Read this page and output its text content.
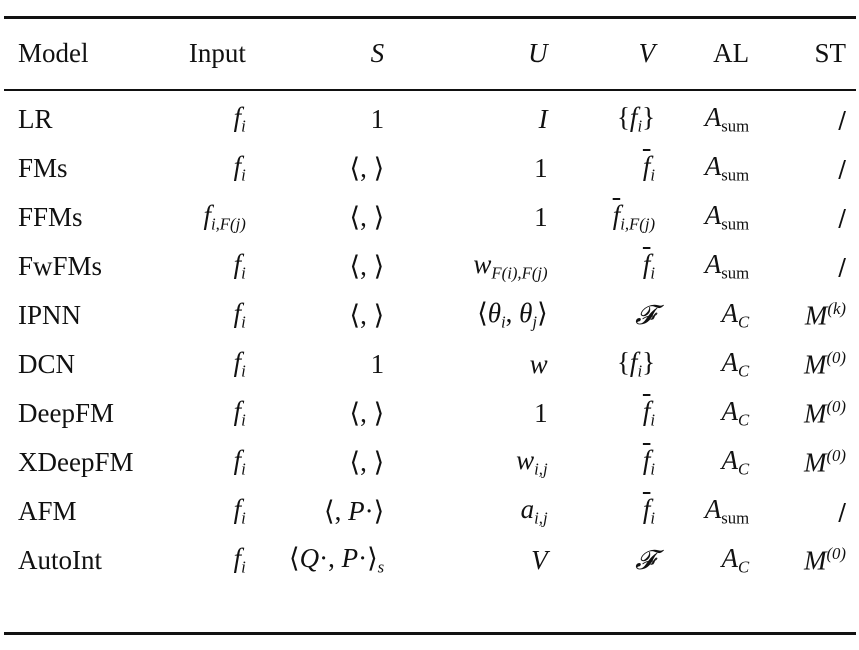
Model	Input	S	U	V	AL	ST
LR	$f_i$	1	I	$\{f_i\}$	$A_{sum}$	/
FMs	$f_i$	⟨, ⟩	1	$\overline{f}_i$	$A_{sum}$	/
FFMs	$f_{i,F(j)}$	⟨, ⟩	1	$\overline{f}_{i,F(j)}$	$A_{sum}$	/
FwFMs	$f_i$	⟨, ⟩	$w_{F(i),F(j)}$	$\overline{f}_i$	$A_{sum}$	/
IPNN	$f_i$	⟨, ⟩	$⟨\theta_i$, $\theta_j⟩$	𝓕	$A_C$	$M^{(k)}$
DCN	$f_i$	1	w	$\{f_i\}$	$A_C$	$M^{(0)}$
DeepFM	$f_i$	⟨, ⟩	1	$\overline{f}_i$	$A_C$	$M^{(0)}$
XDeepFM	$f_i$	⟨, ⟩	$w_{i,j}$	$\overline{f}_i$	$A_C$	$M^{(0)}$
AFM	$f_i$	⟨, P·⟩	$a_{i,j}$	$\overline{f}_i$	$A_{sum}$	/
AutoInt	$f_i$	⟨Q·, $P\cdot⟩_s$	V	𝓕	$A_C$	$M^{(0)}$
